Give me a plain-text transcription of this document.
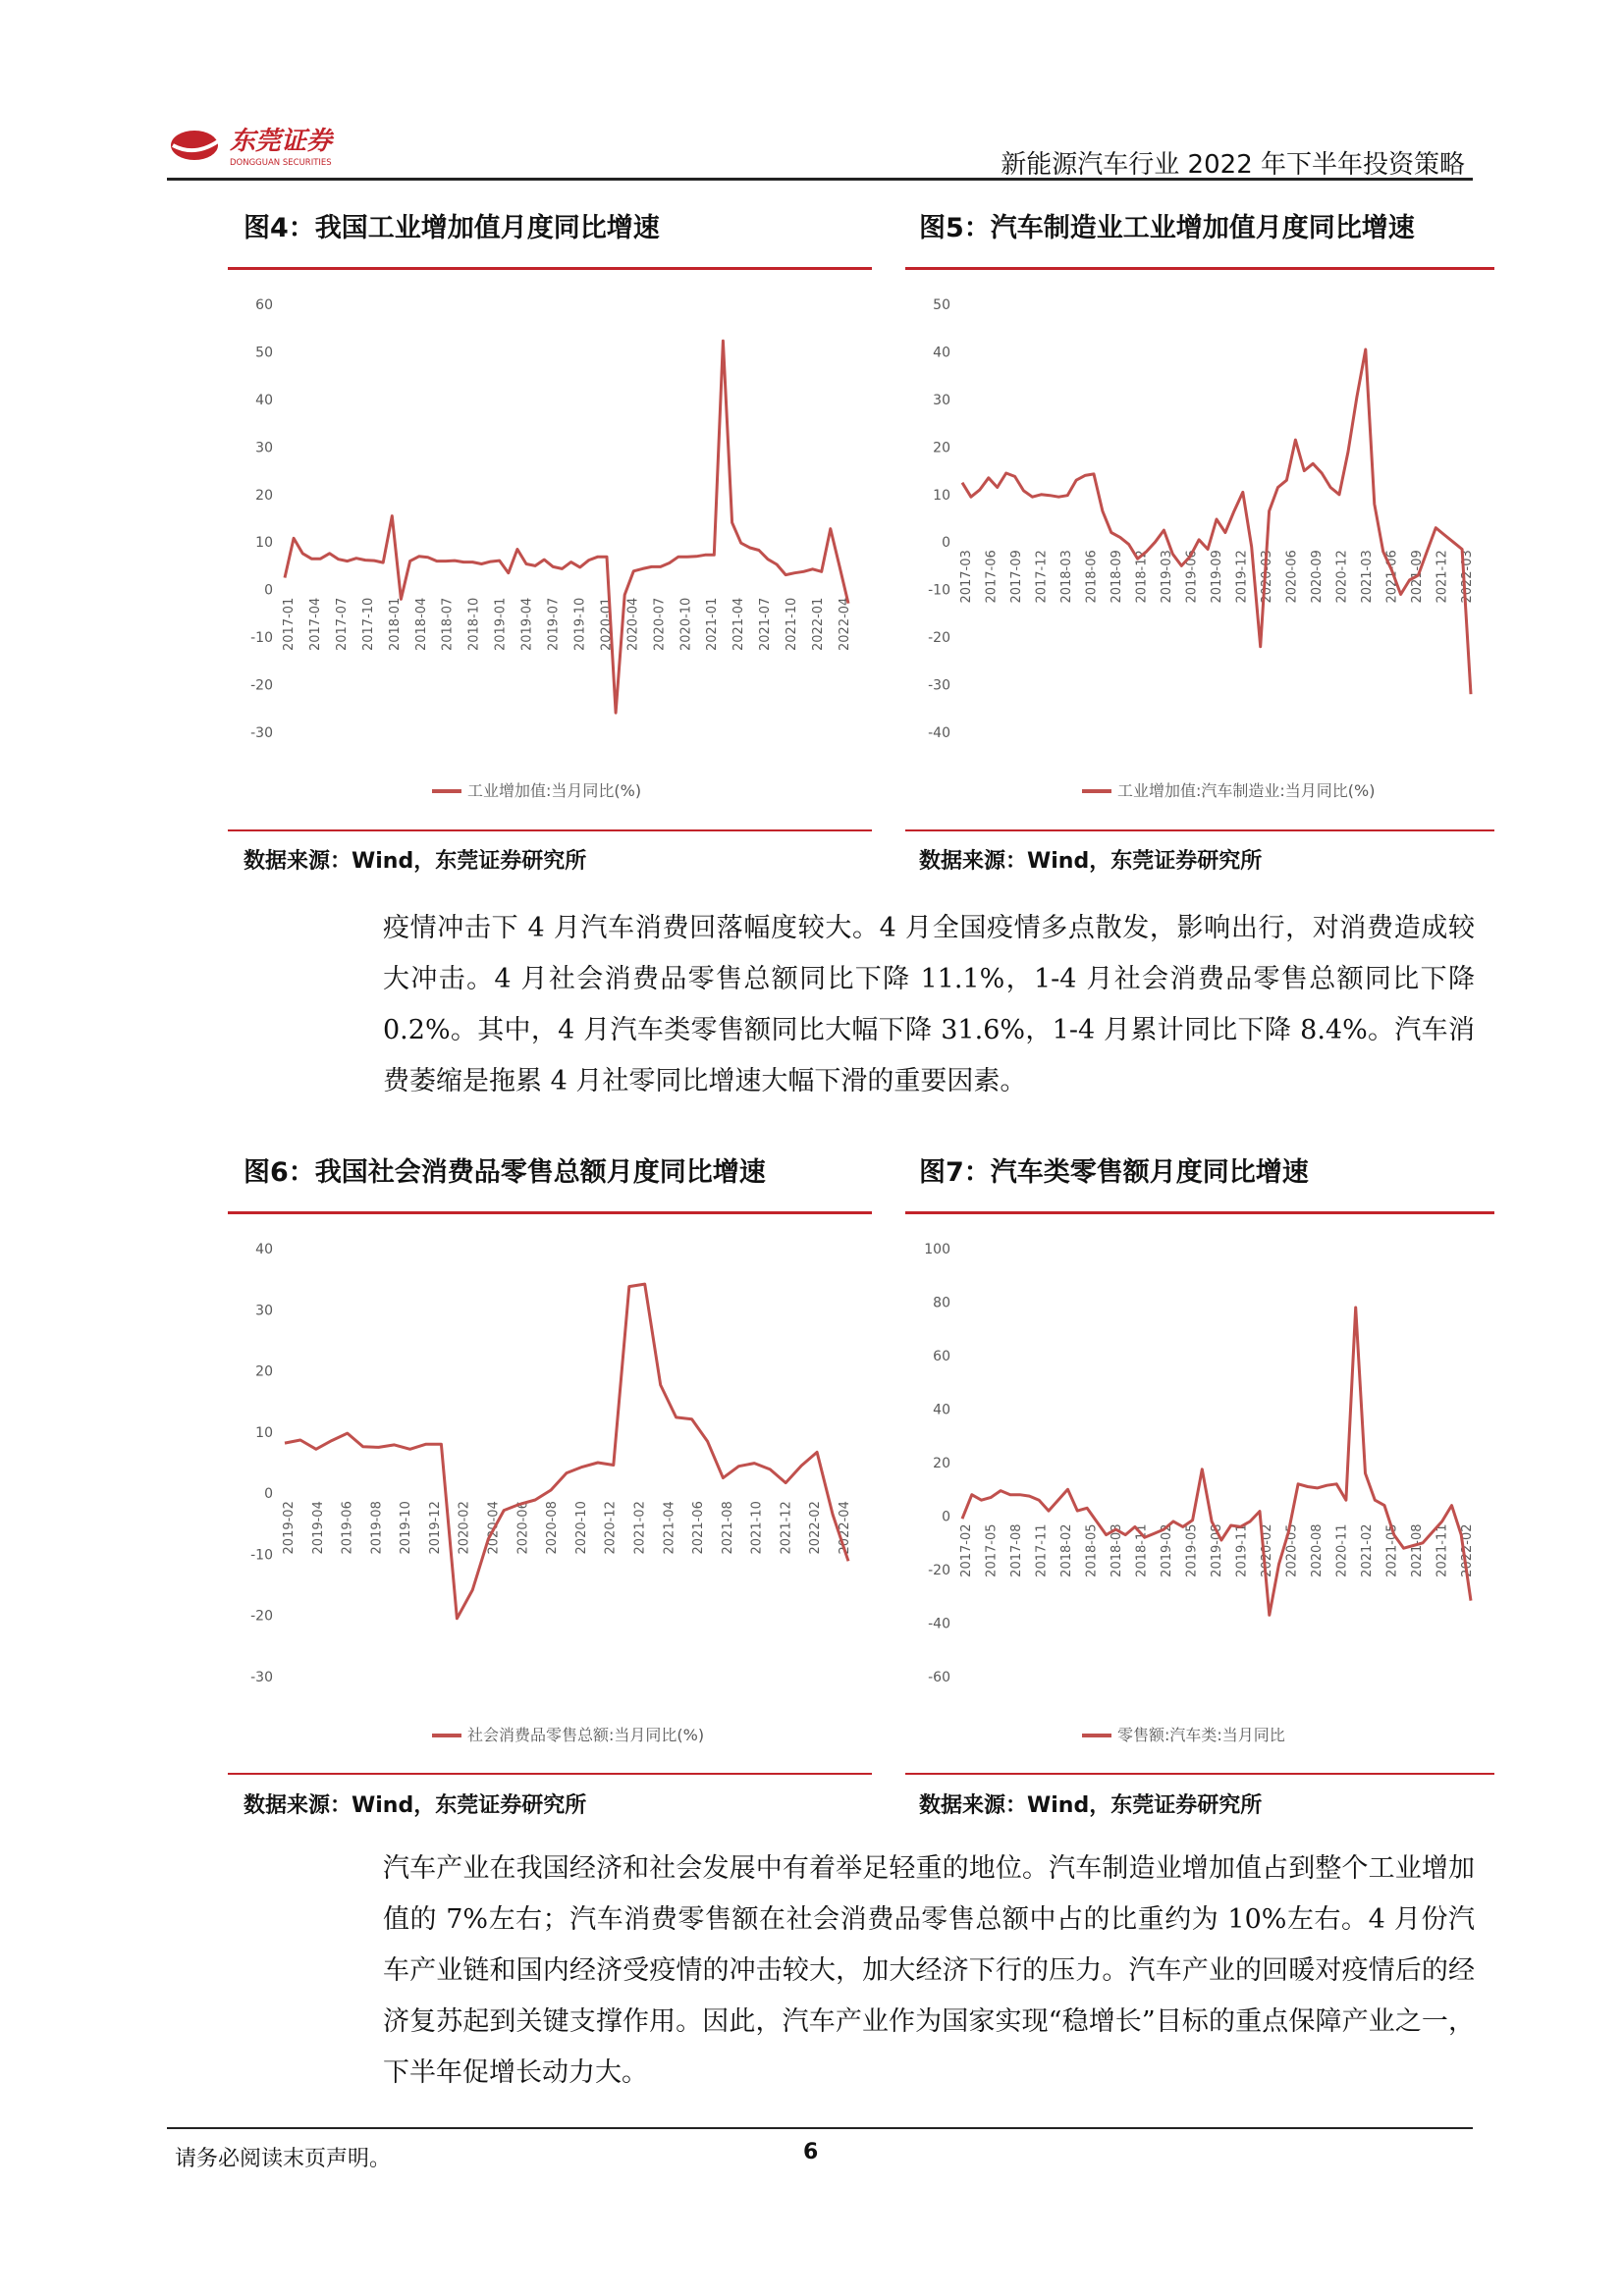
东莞证券
DONGGUAN SECURITIES	新能源汽车行业 2022 年下半年投资策略
图4：我国工业增加值月度同比增速
60
50
40
30
20
10
0
-10
-20
-30
2017-01 2017-04 2017-07 2017-10 2018-01 2018-04 2018-07 2018-10 2019-01 2019-04 2019-07 2019-10 2020-01 2020-04 2020-07 2020-10 2021-01 2021-04 2021-07 2021-10 2022-01 2022-04
工业增加值:当月同比(%)
数据来源：Wind，东莞证券研究所
图5：汽车制造业工业增加值月度同比增速
50
40
30
20
10
0
-10
-20
-30
-40
2017-03 2017-06 2017-09 2017-12 2018-03 2018-06 2018-09 2018-12 2019-03 2019-06 2019-09 2019-12 2020-03 2020-06 2020-09 2020-12 2021-03 2021-06 2021-09 2021-12 2022-03
工业增加值:汽车制造业:当月同比(%)
数据来源：Wind，东莞证券研究所

疫情冲击下 4 月汽车消费回落幅度较大。4 月全国疫情多点散发，影响出行，对消费造成较大冲击。4 月社会消费品零售总额同比下降 11.1%，1-4 月社会消费品零售总额同比下降 0.2%。其中，4 月汽车类零售额同比大幅下降 31.6%，1-4 月累计同比下降 8.4%。汽车消费萎缩是拖累 4 月社零同比增速大幅下滑的重要因素。

图6：我国社会消费品零售总额月度同比增速
40
30
20
10
0
-10
-20
-30
2019-02 2019-04 2019-06 2019-08 2019-10 2019-12 2020-02 2020-04 2020-06 2020-08 2020-10 2020-12 2021-02 2021-04 2021-06 2021-08 2021-10 2021-12 2022-02 2022-04
社会消费品零售总额:当月同比(%)
数据来源：Wind，东莞证券研究所
图7：汽车类零售额月度同比增速
100
80
60
40
20
0
-20
-40
-60
2017-02 2017-05 2017-08 2017-11 2018-02 2018-05 2018-08 2018-11 2019-02 2019-05 2019-08 2019-11 2020-02 2020-05 2020-08 2020-11 2021-02 2021-05 2021-08 2021-11 2022-02
零售额:汽车类:当月同比
数据来源：Wind，东莞证券研究所

汽车产业在我国经济和社会发展中有着举足轻重的地位。汽车制造业增加值占到整个工业增加值的 7%左右；汽车消费零售额在社会消费品零售总额中占的比重约为 10%左右。4 月份汽车产业链和国内经济受疫情的冲击较大，加大经济下行的压力。汽车产业的回暖对疫情后的经济复苏起到关键支撑作用。因此，汽车产业作为国家实现“稳增长”目标的重点保障产业之一，下半年促增长动力大。

请务必阅读末页声明。	6
